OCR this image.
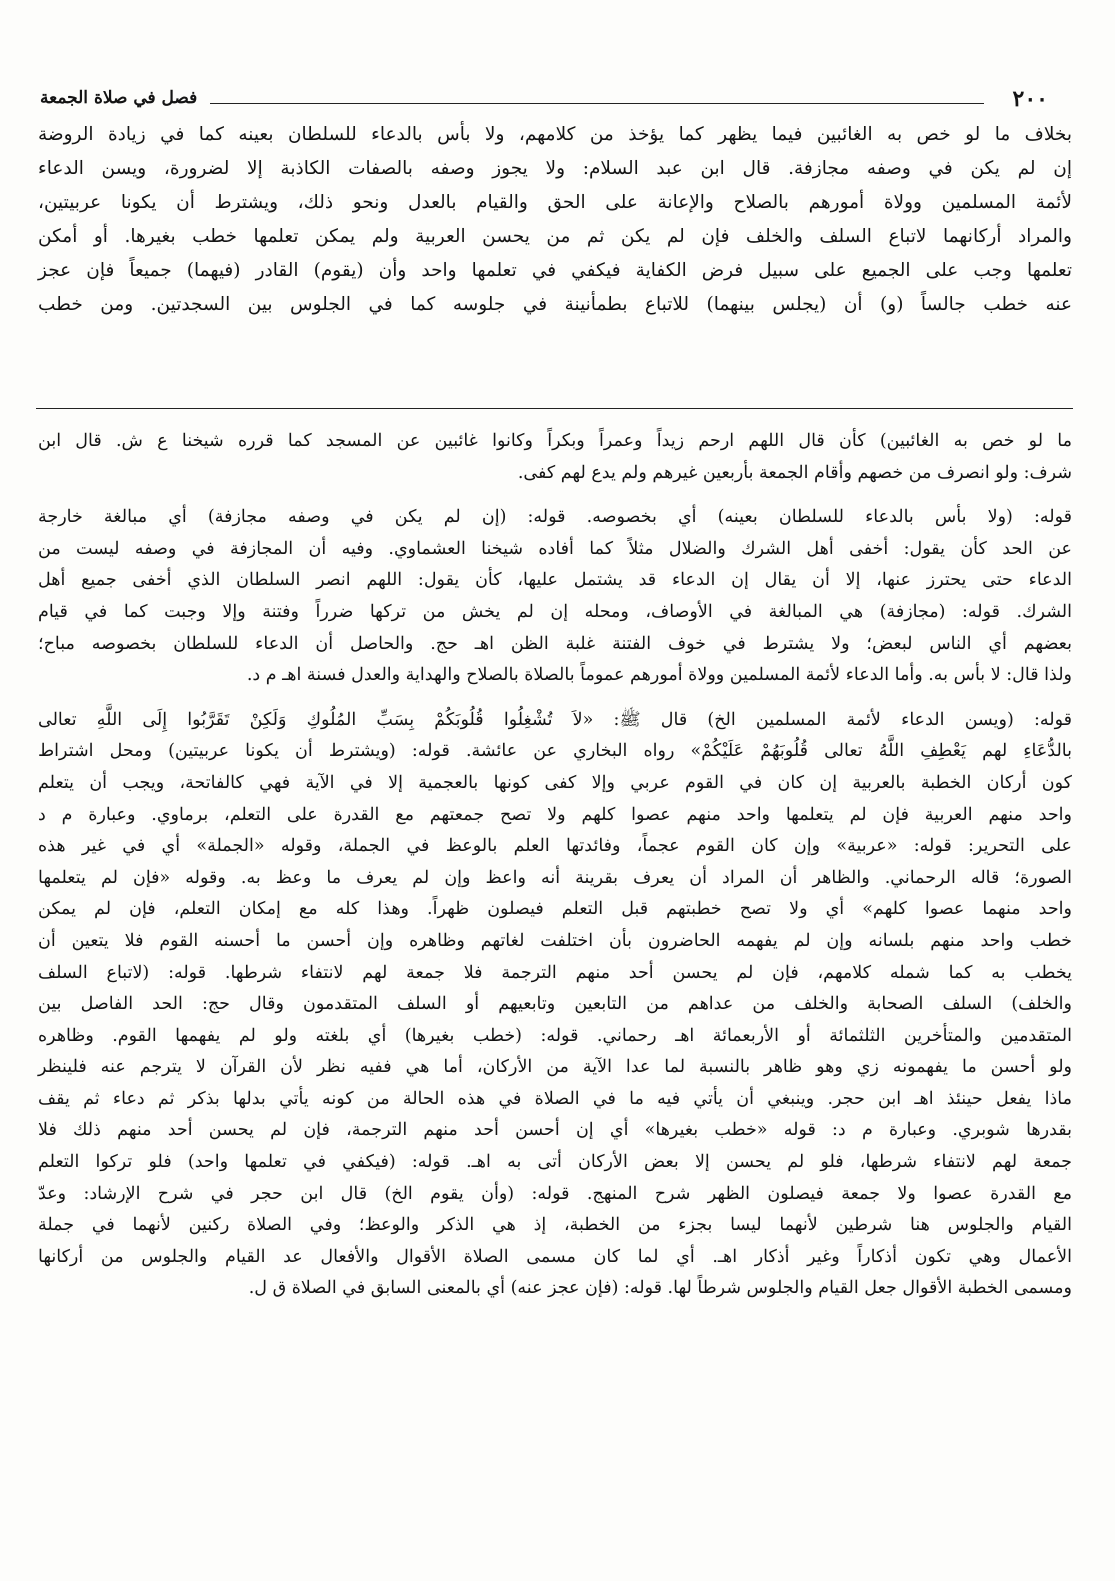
٢٠٠
فصل في صلاة الجمعة

بخلاف ما لو خص به الغائبين فيما يظهر كما يؤخذ من كلامهم، ولا بأس بالدعاء للسلطان بعينه كما في زيادة الروضة

إن لم يكن في وصفه مجازفة. قال ابن عبد السلام: ولا يجوز وصفه بالصفات الكاذبة إلا لضرورة، ويسن الدعاء

لأئمة المسلمين وولاة أمورهم بالصلاح والإعانة على الحق والقيام بالعدل ونحو ذلك، ويشترط أن يكونا عربيتين،

والمراد أركانهما لاتباع السلف والخلف فإن لم يكن ثم من يحسن العربية ولم يمكن تعلمها خطب بغيرها. أو أمكن

تعلمها وجب على الجميع على سبيل فرض الكفاية فيكفي في تعلمها واحد وأن (يقوم) القادر (فيهما) جميعاً فإن عجز

عنه خطب جالساً (و) أن (يجلس بينهما) للاتباع بطمأنينة في جلوسه كما في الجلوس بين السجدتين. ومن خطب

ما لو خص به الغائبين) كأن قال اللهم ارحم زيداً وعمراً وبكراً وكانوا غائبين عن المسجد كما قرره شيخنا ع ش. قال ابن

شرف: ولو انصرف من خصهم وأقام الجمعة بأربعين غيرهم ولم يدع لهم كفى.

قوله: (ولا بأس بالدعاء للسلطان بعينه) أي بخصوصه. قوله: (إن لم يكن في وصفه مجازفة) أي مبالغة خارجة

عن الحد كأن يقول: أخفى أهل الشرك والضلال مثلاً كما أفاده شيخنا العشماوي. وفيه أن المجازفة في وصفه ليست من

الدعاء حتى يحترز عنها، إلا أن يقال إن الدعاء قد يشتمل عليها، كأن يقول: اللهم انصر السلطان الذي أخفى جميع أهل

الشرك. قوله: (مجازفة) هي المبالغة في الأوصاف، ومحله إن لم يخش من تركها ضرراً وفتنة وإلا وجبت كما في قيام

بعضهم أي الناس لبعض؛ ولا يشترط في خوف الفتنة غلبة الظن اهـ حج. والحاصل أن الدعاء للسلطان بخصوصه مباح؛

ولذا قال: لا بأس به. وأما الدعاء لأئمة المسلمين وولاة أمورهم عموماً بالصلاة بالصلاح والهداية والعدل فسنة اهـ م د.

قوله: (ويسن الدعاء لأئمة المسلمين الخ) قال ﷺ: «لاَ تُشْغِلُوا قُلُوبَكُمْ بِسَبِّ المُلُوكِ وَلَكِنْ تَقَرَّبُوا إِلَى اللَّهِ تعالى

بالدُّعَاءِ لهم يَعْطِفِ اللَّهُ تعالى قُلُوبَهُمْ عَلَيْكُمْ» رواه البخاري عن عائشة. قوله: (ويشترط أن يكونا عربيتين) ومحل اشتراط

كون أركان الخطبة بالعربية إن كان في القوم عربي وإلا كفى كونها بالعجمية إلا في الآية فهي كالفاتحة، ويجب أن يتعلم

واحد منهم العربية فإن لم يتعلمها واحد منهم عصوا كلهم ولا تصح جمعتهم مع القدرة على التعلم، برماوي. وعبارة م د

على التحرير: قوله: «عربية» وإن كان القوم عجماً، وفائدتها العلم بالوعظ في الجملة، وقوله «الجملة» أي في غير هذه

الصورة؛ قاله الرحماني. والظاهر أن المراد أن يعرف بقرينة أنه واعظ وإن لم يعرف ما وعظ به. وقوله «فإن لم يتعلمها

واحد منهما عصوا كلهم» أي ولا تصح خطبتهم قبل التعلم فيصلون ظهراً. وهذا كله مع إمكان التعلم، فإن لم يمكن

خطب واحد منهم بلسانه وإن لم يفهمه الحاضرون بأن اختلفت لغاتهم وظاهره وإن أحسن ما أحسنه القوم فلا يتعين أن

يخطب به كما شمله كلامهم، فإن لم يحسن أحد منهم الترجمة فلا جمعة لهم لانتفاء شرطها. قوله: (لاتباع السلف

والخلف) السلف الصحابة والخلف من عداهم من التابعين وتابعيهم أو السلف المتقدمون وقال حج: الحد الفاصل بين

المتقدمين والمتأخرين الثلثمائة أو الأربعمائة اهـ رحماني. قوله: (خطب بغيرها) أي بلغته ولو لم يفهمها القوم. وظاهره

ولو أحسن ما يفهمونه زي وهو ظاهر بالنسبة لما عدا الآية من الأركان، أما هي ففيه نظر لأن القرآن لا يترجم عنه فلينظر

ماذا يفعل حينئذ اهـ ابن حجر. وينبغي أن يأتي فيه ما في الصلاة في هذه الحالة من كونه يأتي بدلها بذكر ثم دعاء ثم يقف

بقدرها شوبري. وعبارة م د: قوله «خطب بغيرها» أي إن أحسن أحد منهم الترجمة، فإن لم يحسن أحد منهم ذلك فلا

جمعة لهم لانتفاء شرطها، فلو لم يحسن إلا بعض الأركان أتى به اهـ. قوله: (فيكفي في تعلمها واحد) فلو تركوا التعلم

مع القدرة عصوا ولا جمعة فيصلون الظهر شرح المنهج. قوله: (وأن يقوم الخ) قال ابن حجر في شرح الإرشاد: وعدّ

القيام والجلوس هنا شرطين لأنهما ليسا بجزء من الخطبة، إذ هي الذكر والوعظ؛ وفي الصلاة ركنين لأنهما في جملة

الأعمال وهي تكون أذكاراً وغير أذكار اهـ. أي لما كان مسمى الصلاة الأقوال والأفعال عد القيام والجلوس من أركانها

ومسمى الخطبة الأقوال جعل القيام والجلوس شرطاً لها. قوله: (فإن عجز عنه) أي بالمعنى السابق في الصلاة ق ل.
